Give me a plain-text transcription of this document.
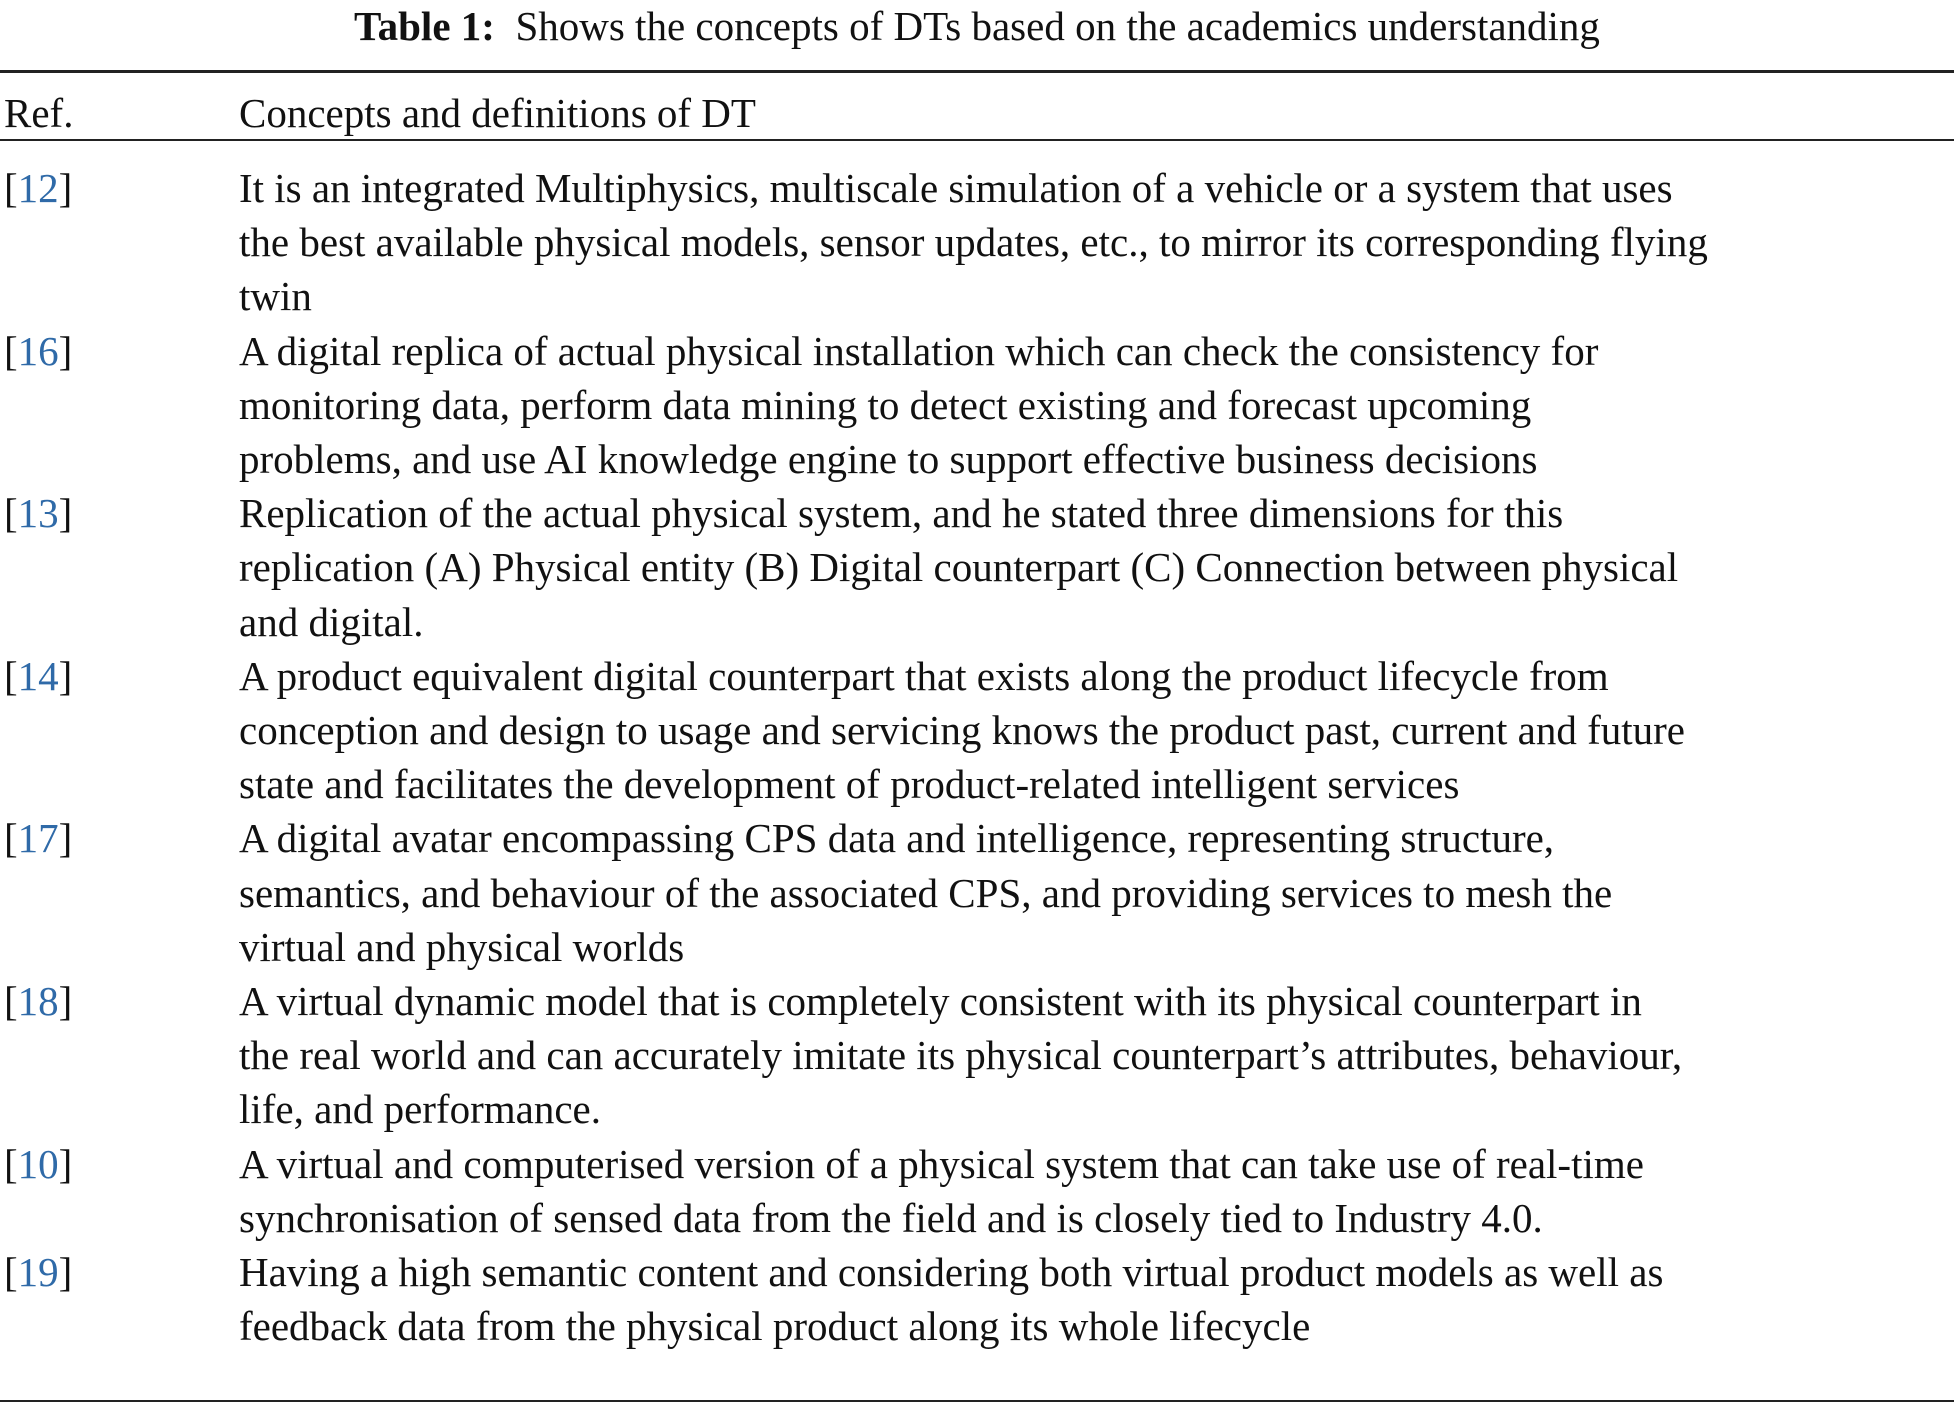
Table 1: Shows the concepts of DTs based on the academics understanding
Ref.	Concepts and definitions of DT
[12]	It is an integrated Multiphysics, multiscale simulation of a vehicle or a system that uses
the best available physical models, sensor updates, etc., to mirror its corresponding flying
twin
[16]	A digital replica of actual physical installation which can check the consistency for
monitoring data, perform data mining to detect existing and forecast upcoming
problems, and use AI knowledge engine to support effective business decisions
[13]	Replication of the actual physical system, and he stated three dimensions for this
replication (A) Physical entity (B) Digital counterpart (C) Connection between physical
and digital.
[14]	A product equivalent digital counterpart that exists along the product lifecycle from
conception and design to usage and servicing knows the product past, current and future
state and facilitates the development of product-related intelligent services
[17]	A digital avatar encompassing CPS data and intelligence, representing structure,
semantics, and behaviour of the associated CPS, and providing services to mesh the
virtual and physical worlds
[18]	A virtual dynamic model that is completely consistent with its physical counterpart in
the real world and can accurately imitate its physical counterpart’s attributes, behaviour,
life, and performance.
[10]	A virtual and computerised version of a physical system that can take use of real-time
synchronisation of sensed data from the field and is closely tied to Industry 4.0.
[19]	Having a high semantic content and considering both virtual product models as well as
feedback data from the physical product along its whole lifecycle
